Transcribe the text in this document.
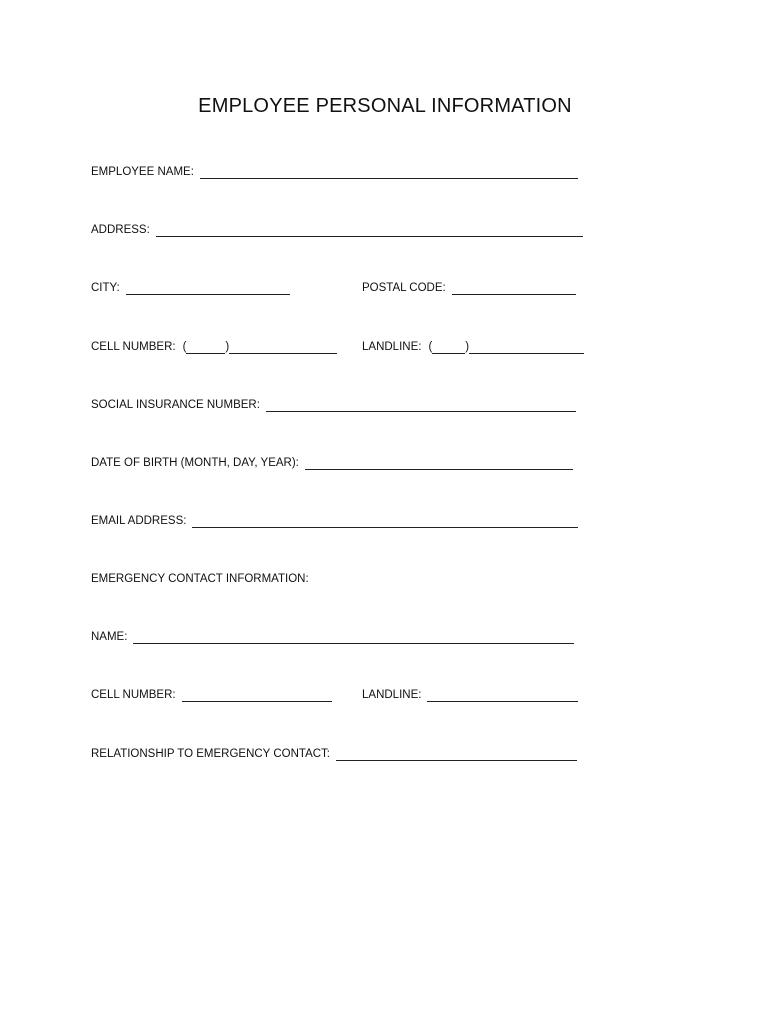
EMPLOYEE PERSONAL INFORMATION
EMPLOYEE NAME:
ADDRESS:
CITY:	POSTAL CODE:
CELL NUMBER: (	)	LANDLINE: (	)
SOCIAL INSURANCE NUMBER:
DATE OF BIRTH (MONTH, DAY, YEAR):
EMAIL ADDRESS:
EMERGENCY CONTACT INFORMATION:
NAME:
CELL NUMBER:	LANDLINE:
RELATIONSHIP TO EMERGENCY CONTACT:
